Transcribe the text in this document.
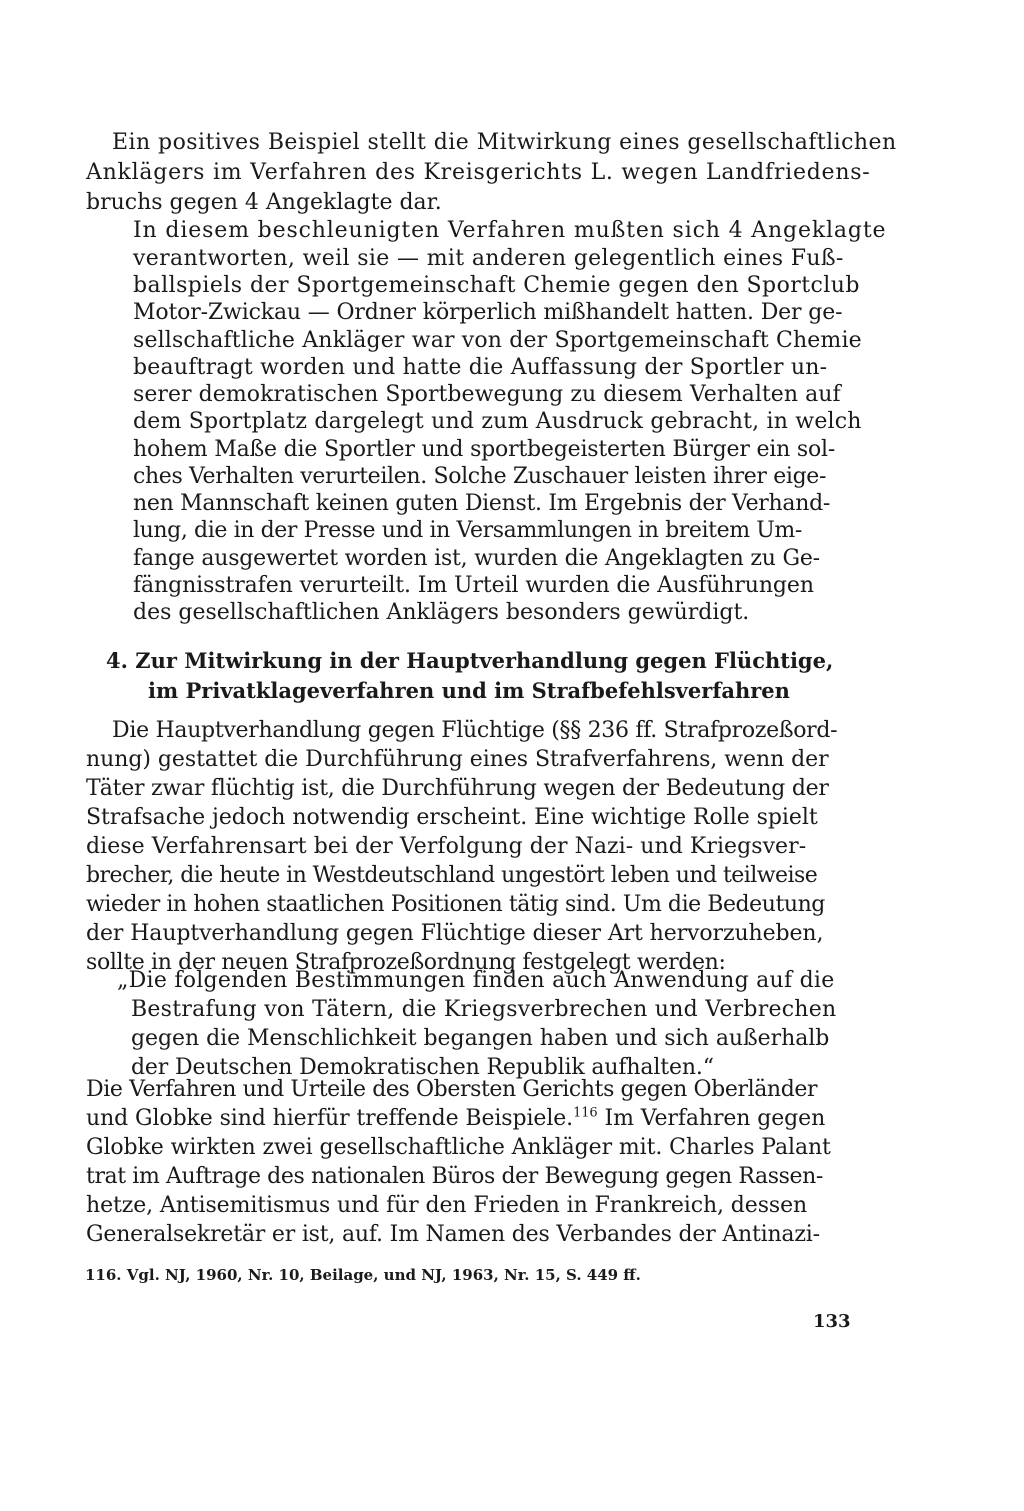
Ein positives Beispiel stellt die Mitwirkung eines gesellschaftlichen
Anklägers im Verfahren des Kreisgerichts L. wegen Landfriedens-
bruchs gegen 4 Angeklagte dar.
In diesem beschleunigten Verfahren mußten sich 4 Angeklagte
verantworten, weil sie — mit anderen gelegentlich eines Fuß-
ballspiels der Sportgemeinschaft Chemie gegen den Sportclub
Motor-Zwickau — Ordner körperlich mißhandelt hatten. Der ge-
sellschaftliche Ankläger war von der Sportgemeinschaft Chemie
beauftragt worden und hatte die Auffassung der Sportler un-
serer demokratischen Sportbewegung zu diesem Verhalten auf
dem Sportplatz dargelegt und zum Ausdruck gebracht, in welch
hohem Maße die Sportler und sportbegeisterten Bürger ein sol-
ches Verhalten verurteilen. Solche Zuschauer leisten ihrer eige-
nen Mannschaft keinen guten Dienst. Im Ergebnis der Verhand-
lung, die in der Presse und in Versammlungen in breitem Um-
fange ausgewertet worden ist, wurden die Angeklagten zu Ge-
fängnisstrafen verurteilt. Im Urteil wurden die Ausführungen
des gesellschaftlichen Anklägers besonders gewürdigt.
4. Zur Mitwirkung in der Hauptverhandlung gegen Flüchtige,
im Privatklageverfahren und im Strafbefehlsverfahren
Die Hauptverhandlung gegen Flüchtige (§§ 236 ff. Strafprozeßord-
nung) gestattet die Durchführung eines Strafverfahrens, wenn der
Täter zwar flüchtig ist, die Durchführung wegen der Bedeutung der
Strafsache jedoch notwendig erscheint. Eine wichtige Rolle spielt
diese Verfahrensart bei der Verfolgung der Nazi- und Kriegsver-
brecher, die heute in Westdeutschland ungestört leben und teilweise
wieder in hohen staatlichen Positionen tätig sind. Um die Bedeutung
der Hauptverhandlung gegen Flüchtige dieser Art hervorzuheben,
sollte in der neuen Strafprozeßordnung festgelegt werden:
„Die folgenden Bestimmungen finden auch Anwendung auf die
Bestrafung von Tätern, die Kriegsverbrechen und Verbrechen
gegen die Menschlichkeit begangen haben und sich außerhalb
der Deutschen Demokratischen Republik aufhalten.“
Die Verfahren und Urteile des Obersten Gerichts gegen Oberländer
und Globke sind hierfür treffende Beispiele.$^{116}$ Im Verfahren gegen
Globke wirkten zwei gesellschaftliche Ankläger mit. Charles Palant
trat im Auftrage des nationalen Büros der Bewegung gegen Rassen-
hetze, Antisemitismus und für den Frieden in Frankreich, dessen
Generalsekretär er ist, auf. Im Namen des Verbandes der Antinazi-
116. Vgl. NJ, 1960, Nr. 10, Beilage, und NJ, 1963, Nr. 15, S. 449 ff.
133
